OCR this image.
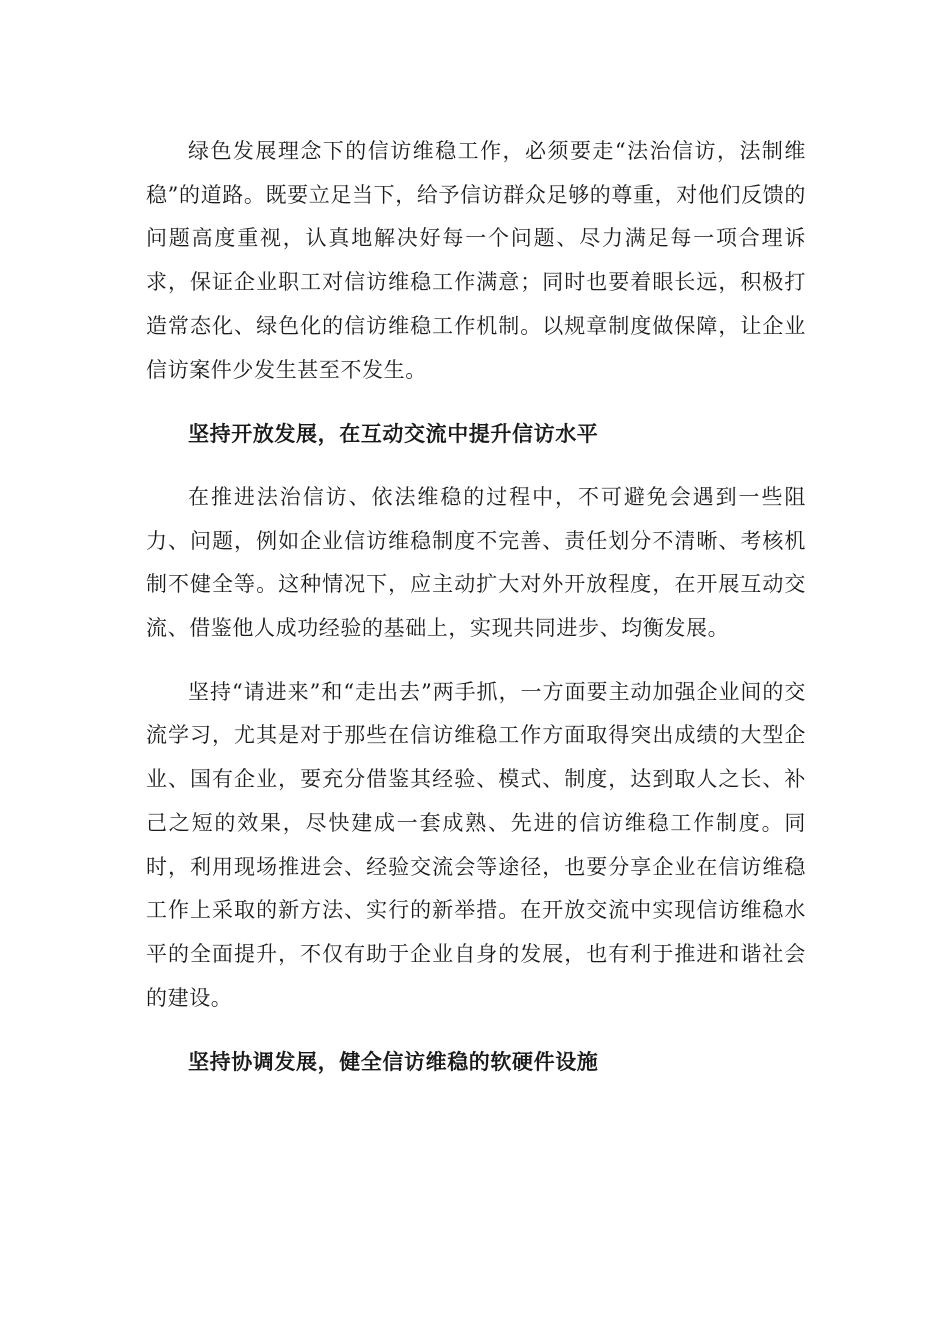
绿色发展理念下的信访维稳工作，必须要走“法治信访，法制维稳”的道路。既要立足当下，给予信访群众足够的尊重，对他们反馈的问题高度重视，认真地解决好每一个问题、尽力满足每一项合理诉求，保证企业职工对信访维稳工作满意；同时也要着眼长远，积极打造常态化、绿色化的信访维稳工作机制。以规章制度做保障，让企业信访案件少发生甚至不发生。

坚持开放发展，在互动交流中提升信访水平

在推进法治信访、依法维稳的过程中，不可避免会遇到一些阻力、问题，例如企业信访维稳制度不完善、责任划分不清晰、考核机制不健全等。这种情况下，应主动扩大对外开放程度，在开展互动交流、借鉴他人成功经验的基础上，实现共同进步、均衡发展。

坚持“请进来”和“走出去”两手抓，一方面要主动加强企业间的交流学习，尤其是对于那些在信访维稳工作方面取得突出成绩的大型企业、国有企业，要充分借鉴其经验、模式、制度，达到取人之长、补己之短的效果，尽快建成一套成熟、先进的信访维稳工作制度。同时，利用现场推进会、经验交流会等途径，也要分享企业在信访维稳工作上采取的新方法、实行的新举措。在开放交流中实现信访维稳水平的全面提升，不仅有助于企业自身的发展，也有利于推进和谐社会的建设。

坚持协调发展，健全信访维稳的软硬件设施
